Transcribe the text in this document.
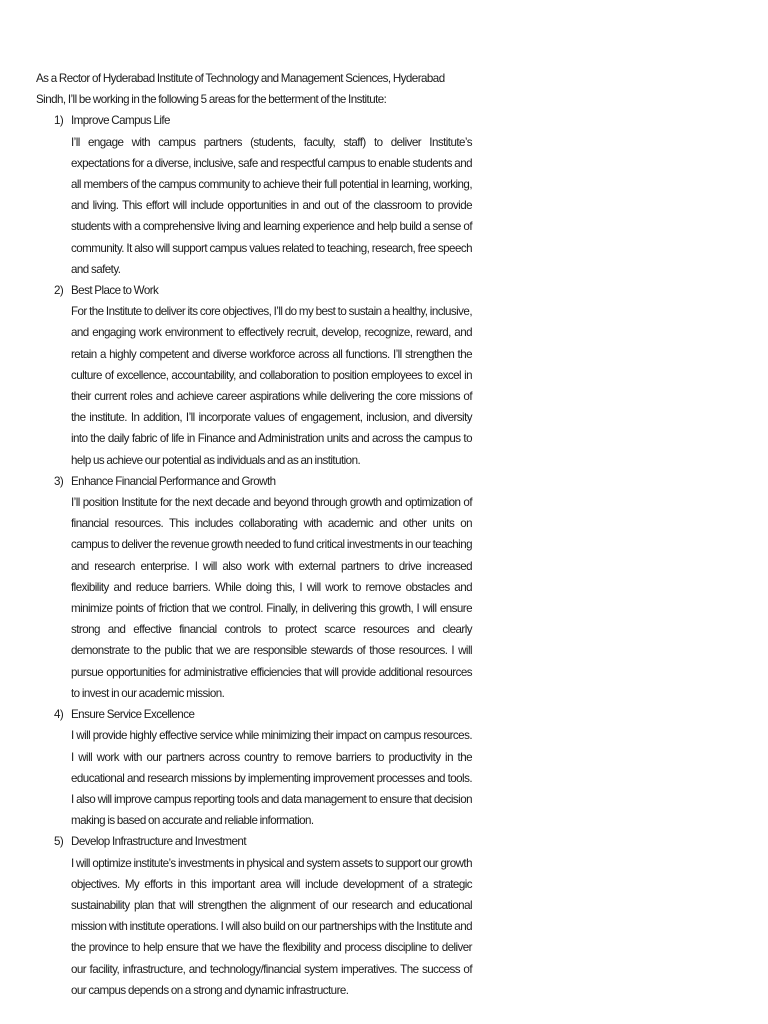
As a Rector of Hyderabad Institute of Technology and Management Sciences, Hyderabad Sindh, I’ll be working in the following 5 areas for the betterment of the Institute:

1) Improve Campus Life

I’ll engage with campus partners (students, faculty, staff) to deliver Institute’s expectations for a diverse, inclusive, safe and respectful campus to enable students and all members of the campus community to achieve their full potential in learning, working, and living. This effort will include opportunities in and out of the classroom to provide students with a comprehensive living and learning experience and help build a sense of community. It also will support campus values related to teaching, research, free speech and safety.

2) Best Place to Work

For the Institute to deliver its core objectives, I’ll do my best to sustain a healthy, inclusive, and engaging work environment to effectively recruit, develop, recognize, reward, and retain a highly competent and diverse workforce across all functions. I’ll strengthen the culture of excellence, accountability, and collaboration to position employees to excel in their current roles and achieve career aspirations while delivering the core missions of the institute. In addition, I’ll incorporate values of engagement, inclusion, and diversity into the daily fabric of life in Finance and Administration units and across the campus to help us achieve our potential as individuals and as an institution.

3) Enhance Financial Performance and Growth

I’ll position Institute for the next decade and beyond through growth and optimization of financial resources. This includes collaborating with academic and other units on campus to deliver the revenue growth needed to fund critical investments in our teaching and research enterprise. I will also work with external partners to drive increased flexibility and reduce barriers. While doing this, I will work to remove obstacles and minimize points of friction that we control. Finally, in delivering this growth, I will ensure strong and effective financial controls to protect scarce resources and clearly demonstrate to the public that we are responsible stewards of those resources. I will pursue opportunities for administrative efficiencies that will provide additional resources to invest in our academic mission.

4) Ensure Service Excellence

I will provide highly effective service while minimizing their impact on campus resources. I will work with our partners across country to remove barriers to productivity in the educational and research missions by implementing improvement processes and tools. I also will improve campus reporting tools and data management to ensure that decision making is based on accurate and reliable information.

5) Develop Infrastructure and Investment

I will optimize institute’s investments in physical and system assets to support our growth objectives. My efforts in this important area will include development of a strategic sustainability plan that will strengthen the alignment of our research and educational mission with institute operations. I will also build on our partnerships with the Institute and the province to help ensure that we have the flexibility and process discipline to deliver our facility, infrastructure, and technology/financial system imperatives. The success of our campus depends on a strong and dynamic infrastructure.
